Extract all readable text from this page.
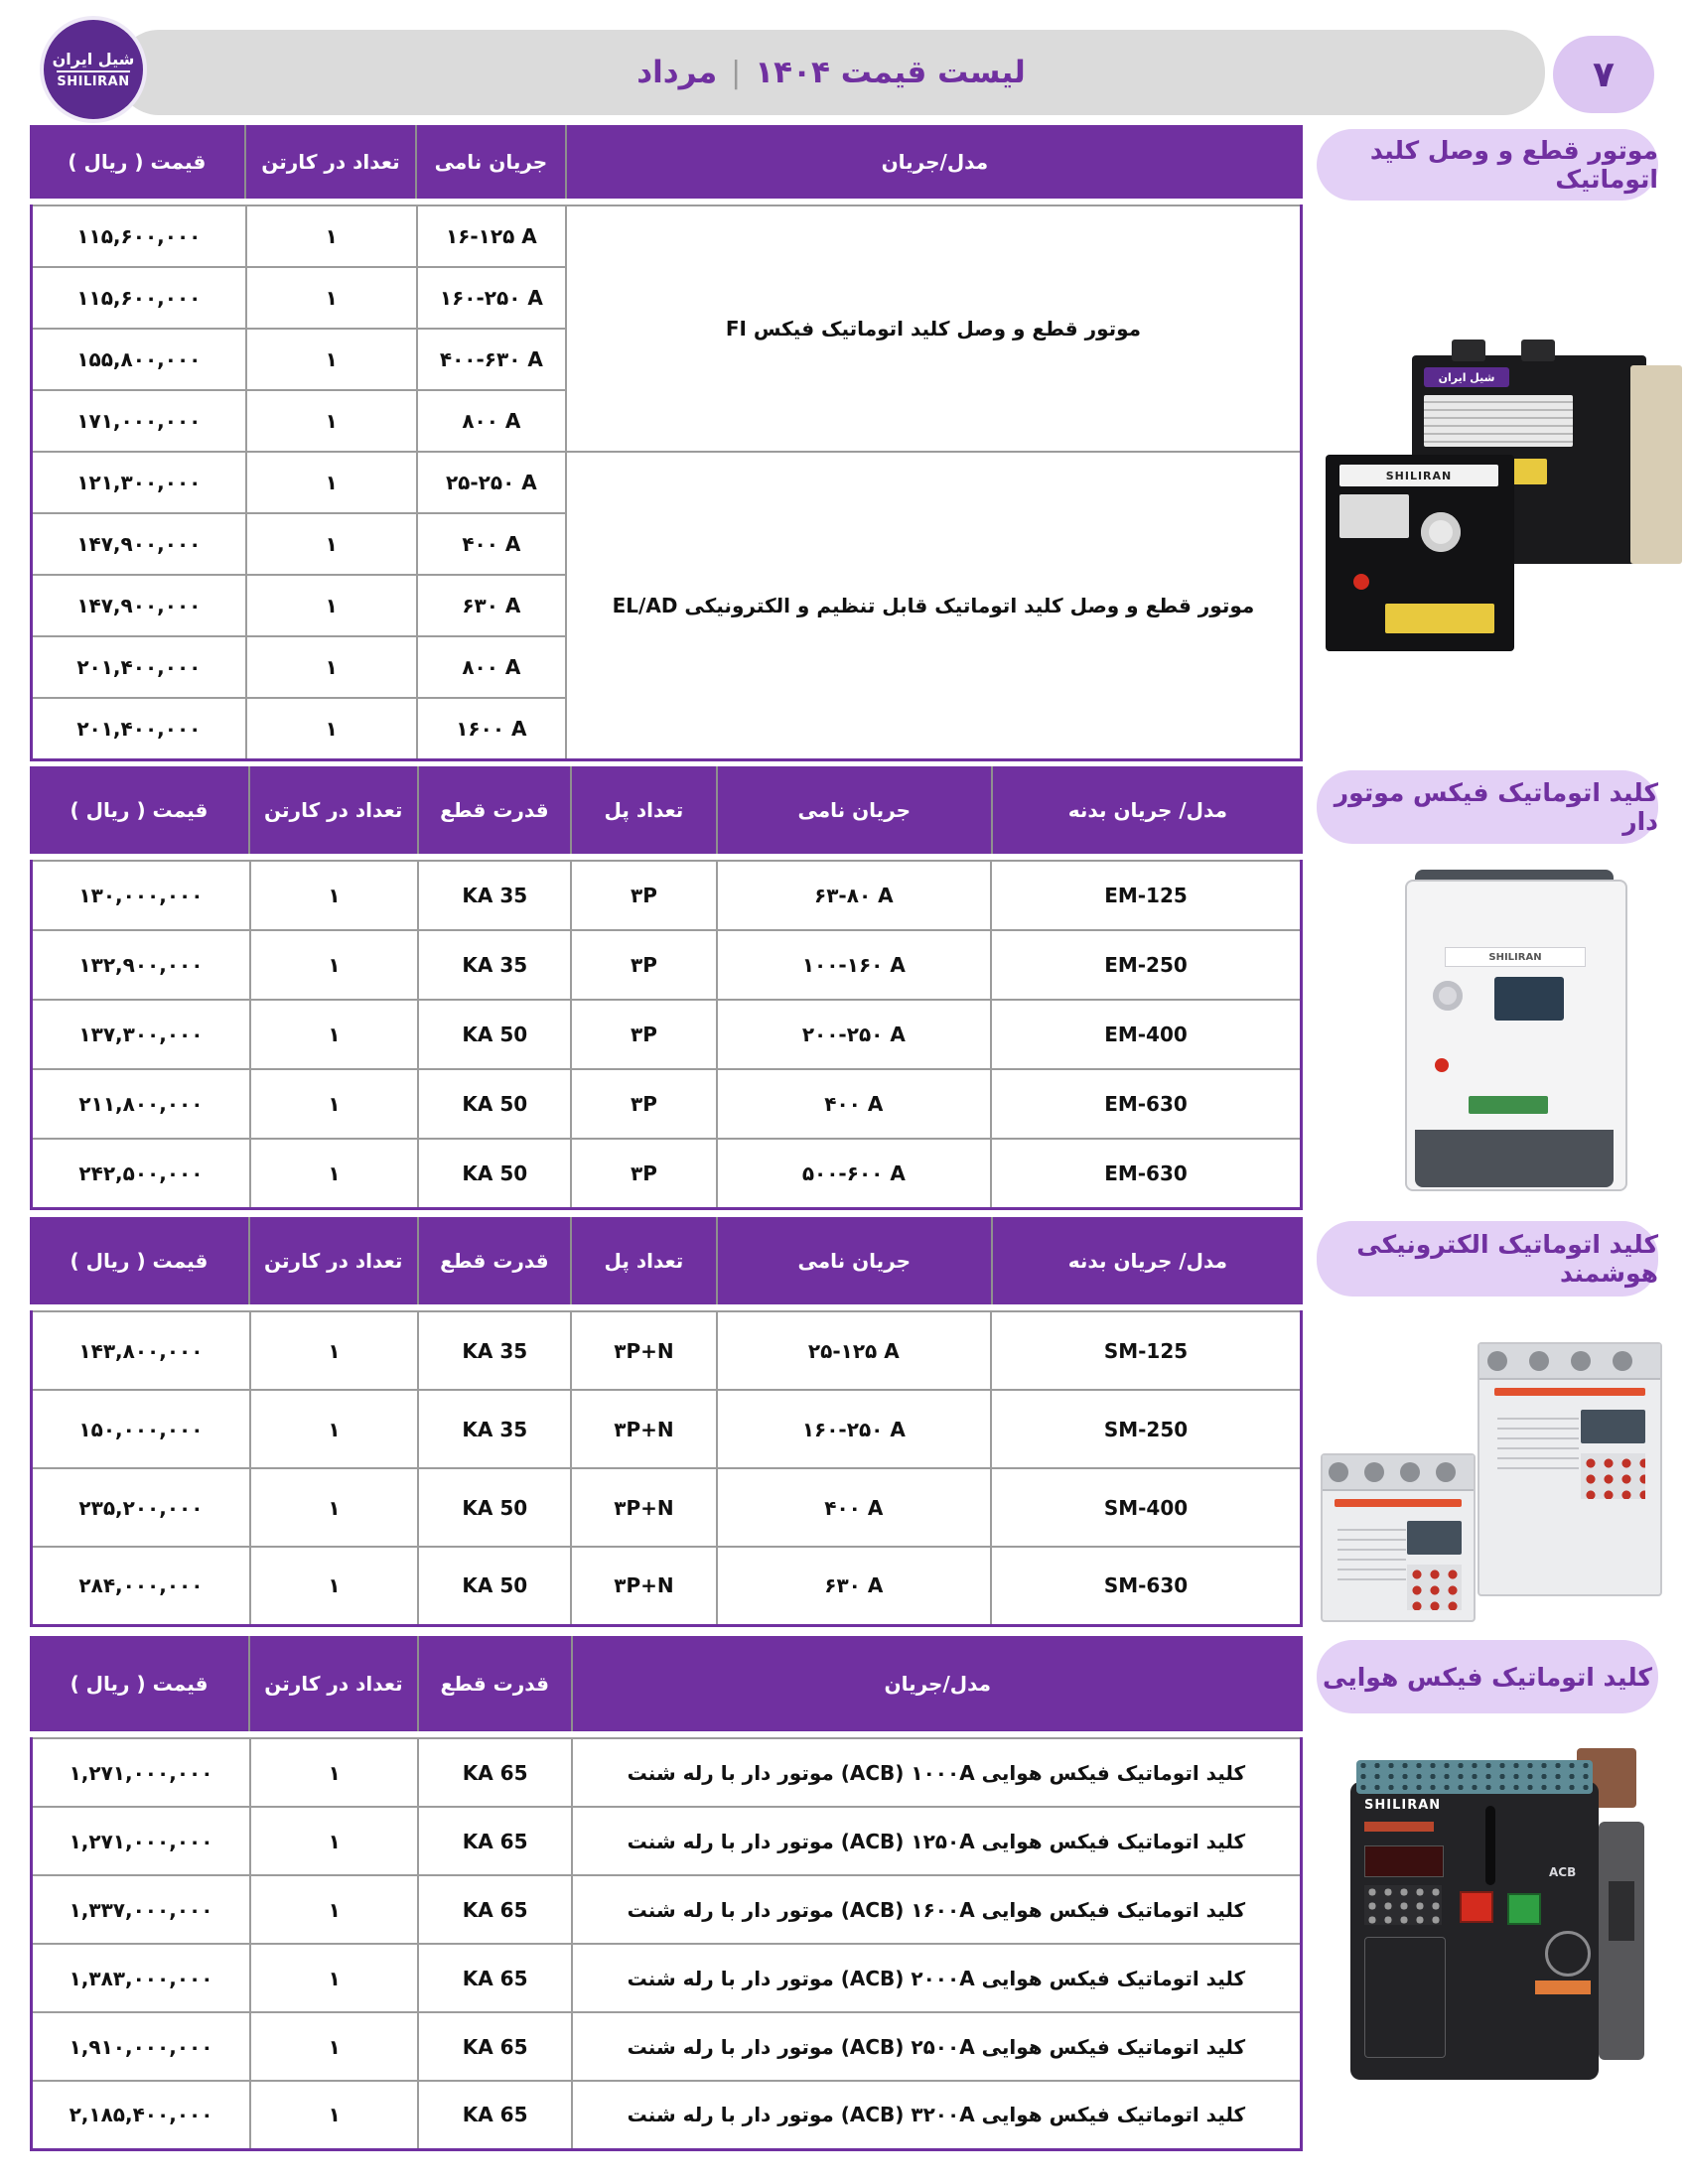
شیل ایران
SHILIRAN	لیست قیمت ۱۴۰۴
|
مرداد	۷
مدل/جریان	جریان نامی	تعداد در کارتن	قیمت ( ریال )
موتور قطع و وصل کلید اتوماتیک فیکس FI	۱۶-۱۲۵ A	۱	۱۱۵,۶۰۰,۰۰۰
	۱۶۰-۲۵۰ A	۱	۱۱۵,۶۰۰,۰۰۰
	۴۰۰-۶۳۰ A	۱	۱۵۵,۸۰۰,۰۰۰
	۸۰۰ A	۱	۱۷۱,۰۰۰,۰۰۰
موتور قطع و وصل کلید اتوماتیک قابل تنظیم و الکترونیکی EL/AD	۲۵-۲۵۰ A	۱	۱۲۱,۳۰۰,۰۰۰
	۴۰۰ A	۱	۱۴۷,۹۰۰,۰۰۰
	۶۳۰ A	۱	۱۴۷,۹۰۰,۰۰۰
	۸۰۰ A	۱	۲۰۱,۴۰۰,۰۰۰
	۱۶۰۰ A	۱	۲۰۱,۴۰۰,۰۰۰
مدل/ جریان بدنه	جریان نامی	تعداد پل	قدرت قطع	تعداد در کارتن	قیمت ( ریال )
EM-125	۶۳-۸۰ A	۳P	35 KA	۱	۱۳۰,۰۰۰,۰۰۰
EM-250	۱۰۰-۱۶۰ A	۳P	35 KA	۱	۱۳۲,۹۰۰,۰۰۰
EM-400	۲۰۰-۲۵۰ A	۳P	50 KA	۱	۱۳۷,۳۰۰,۰۰۰
EM-630	۴۰۰ A	۳P	50 KA	۱	۲۱۱,۸۰۰,۰۰۰
EM-630	۵۰۰-۶۰۰ A	۳P	50 KA	۱	۲۴۲,۵۰۰,۰۰۰
مدل/ جریان بدنه	جریان نامی	تعداد پل	قدرت قطع	تعداد در کارتن	قیمت ( ریال )
SM-125	۲۵-۱۲۵ A	۳P+N	35 KA	۱	۱۴۳,۸۰۰,۰۰۰
SM-250	۱۶۰-۲۵۰ A	۳P+N	35 KA	۱	۱۵۰,۰۰۰,۰۰۰
SM-400	۴۰۰ A	۳P+N	50 KA	۱	۲۳۵,۲۰۰,۰۰۰
SM-630	۶۳۰ A	۳P+N	50 KA	۱	۲۸۴,۰۰۰,۰۰۰
مدل/جریان	قدرت قطع	تعداد در کارتن	قیمت ( ریال )
کلید اتوماتیک فیکس هوایی ۱۰۰۰A‏ (ACB) موتور دار با رله شنت	65 KA	۱	۱,۲۷۱,۰۰۰,۰۰۰
کلید اتوماتیک فیکس هوایی ۱۲۵۰A‏ (ACB) موتور دار با رله شنت	65 KA	۱	۱,۲۷۱,۰۰۰,۰۰۰
کلید اتوماتیک فیکس هوایی ۱۶۰۰A‏ (ACB) موتور دار با رله شنت	65 KA	۱	۱,۳۳۷,۰۰۰,۰۰۰
کلید اتوماتیک فیکس هوایی ۲۰۰۰A‏ (ACB) موتور دار با رله شنت	65 KA	۱	۱,۳۸۳,۰۰۰,۰۰۰
کلید اتوماتیک فیکس هوایی ۲۵۰۰A‏ (ACB) موتور دار با رله شنت	65 KA	۱	۱,۹۱۰,۰۰۰,۰۰۰
کلید اتوماتیک فیکس هوایی ۳۲۰۰A‏ (ACB) موتور دار با رله شنت	65 KA	۱	۲,۱۸۵,۴۰۰,۰۰۰
موتور قطع و وصل کلید اتوماتیک
شیل ایران
SHILIRAN
کلید اتوماتیک فیکس موتور دار
SHILIRAN
کلید اتوماتیک الکترونیکی هوشمند
کلید اتوماتیک فیکس هوایی
SHILIRAN
ACB
